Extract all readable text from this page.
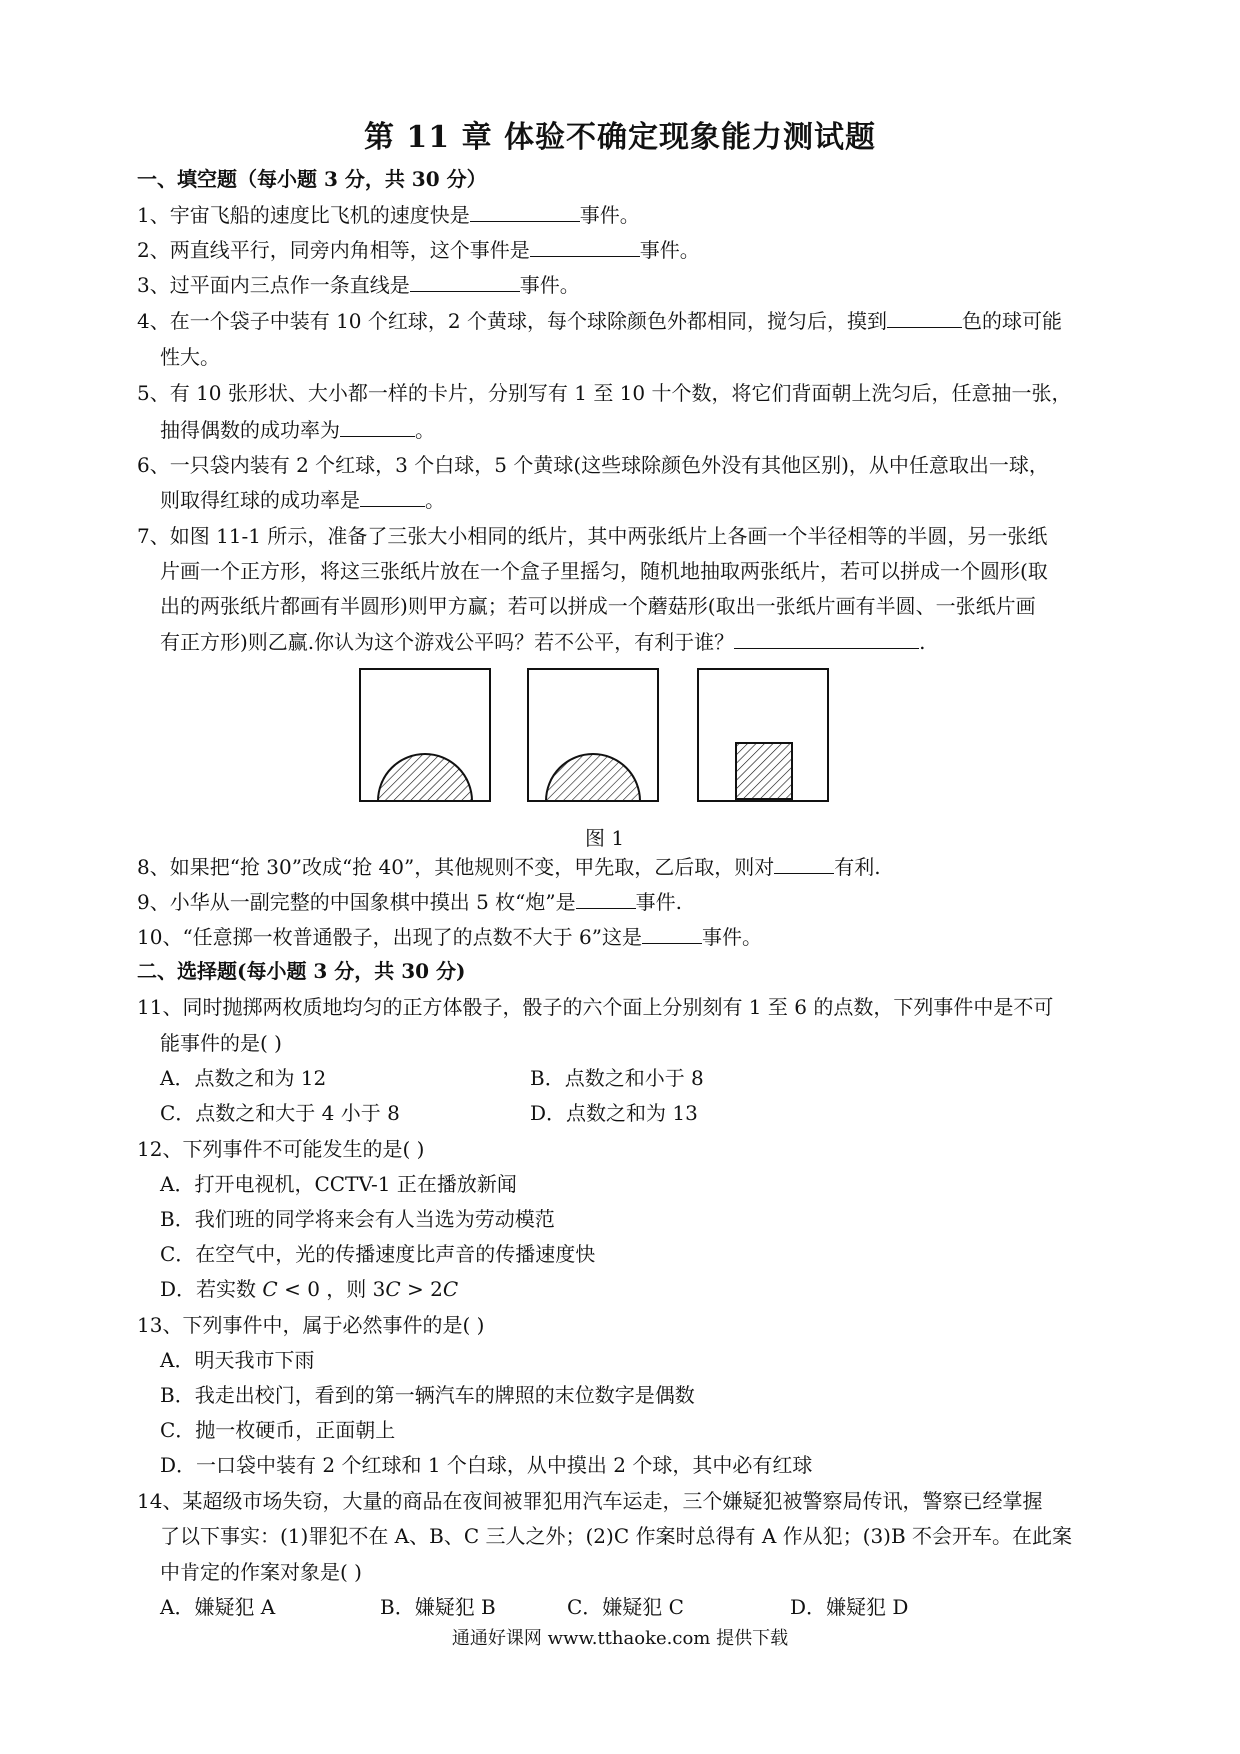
第 11 章 体验不确定现象能力测试题
一、填空题（每小题 3 分，共 30 分）
1、宇宙飞船的速度比飞机的速度快是	事件。
2、两直线平行，同旁内角相等，这个事件是	事件。
3、过平面内三点作一条直线是	事件。
4、在一个袋子中装有 10 个红球，2 个黄球，每个球除颜色外都相同，搅匀后，摸到	色的球可能
性大。
5、有 10 张形状、大小都一样的卡片，分别写有 1 至 10 十个数，将它们背面朝上洗匀后，任意抽一张，
抽得偶数的成功率为	。
6、一只袋内装有 2 个红球，3 个白球，5 个黄球(这些球除颜色外没有其他区别)，从中任意取出一球，
则取得红球的成功率是	。
7、如图 11-1 所示，准备了三张大小相同的纸片，其中两张纸片上各画一个半径相等的半圆，另一张纸
片画一个正方形，将这三张纸片放在一个盒子里摇匀，随机地抽取两张纸片，若可以拼成一个圆形(取
出的两张纸片都画有半圆形)则甲方赢；若可以拼成一个蘑菇形(取出一张纸片画有半圆、一张纸片画
有正方形)则乙赢.你认为这个游戏公平吗？若不公平，有利于谁？	.
图 1
8、如果把“抢 30”改成“抢 40”，其他规则不变，甲先取，乙后取，则对	有利.
9、小华从一副完整的中国象棋中摸出 5 枚“炮”是	事件.
10、“任意掷一枚普通骰子，出现了的点数不大于 6”这是	事件。
二、选择题(每小题 3 分，共 30 分)
11、同时抛掷两枚质地均匀的正方体骰子，骰子的六个面上分别刻有 1 至 6 的点数，下列事件中是不可
能事件的是( )
A．点数之和为 12	B．点数之和小于 8
C．点数之和大于 4 小于 8	D．点数之和为 13
12、下列事件不可能发生的是( )
A．打开电视机，CCTV-1 正在播放新闻
B．我们班的同学将来会有人当选为劳动模范
C．在空气中，光的传播速度比声音的传播速度快
D．若实数 C < 0 ，则 3C > 2C
13、下列事件中，属于必然事件的是( )
A．明天我市下雨
B．我走出校门，看到的第一辆汽车的牌照的末位数字是偶数
C．抛一枚硬币，正面朝上
D．一口袋中装有 2 个红球和 1 个白球，从中摸出 2 个球，其中必有红球
14、某超级市场失窃，大量的商品在夜间被罪犯用汽车运走，三个嫌疑犯被警察局传讯，警察已经掌握
了以下事实：(1)罪犯不在 A、B、C 三人之外；(2)C 作案时总得有 A 作从犯；(3)B 不会开车。在此案
中肯定的作案对象是( )
A．嫌疑犯 A	B．嫌疑犯 B	C．嫌疑犯 C	D．嫌疑犯 D
通通好课网 www.tthaoke.com 提供下载
